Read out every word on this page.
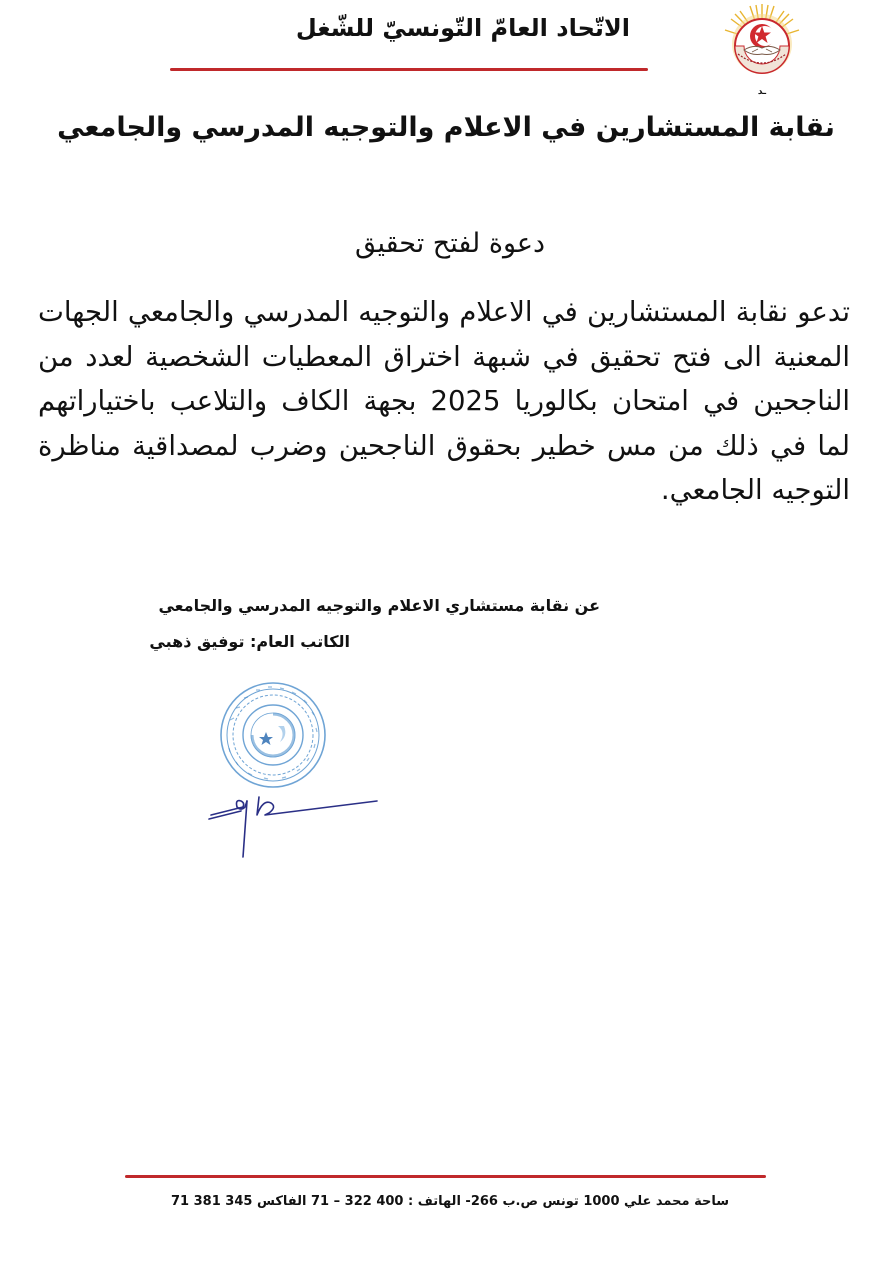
الاتّحاد العامّ التّونسيّ للشّغل
ـد
نقابة المستشارين في الاعلام والتوجيه المدرسي والجامعي
دعوة لفتح تحقيق
تدعو نقابة المستشارين في الاعلام والتوجيه المدرسي والجامعي الجهات
المعنية الى فتح تحقيق في شبهة اختراق المعطيات الشخصية لعدد من
الناجحين في امتحان بكالوريا 2025 بجهة الكاف والتلاعب باختياراتهم
لما في ذلك من مس خطير بحقوق الناجحين وضرب لمصداقية مناظرة
التوجيه الجامعي.
عن نقابة مستشاري الاعلام والتوجيه المدرسي والجامعي
الكاتب العام: توفيق ذهبي
ساحة محمد علي 1000 تونس ص.ب 266- الهاتف : 400 322 – 71 الفاكس 345 381 71
